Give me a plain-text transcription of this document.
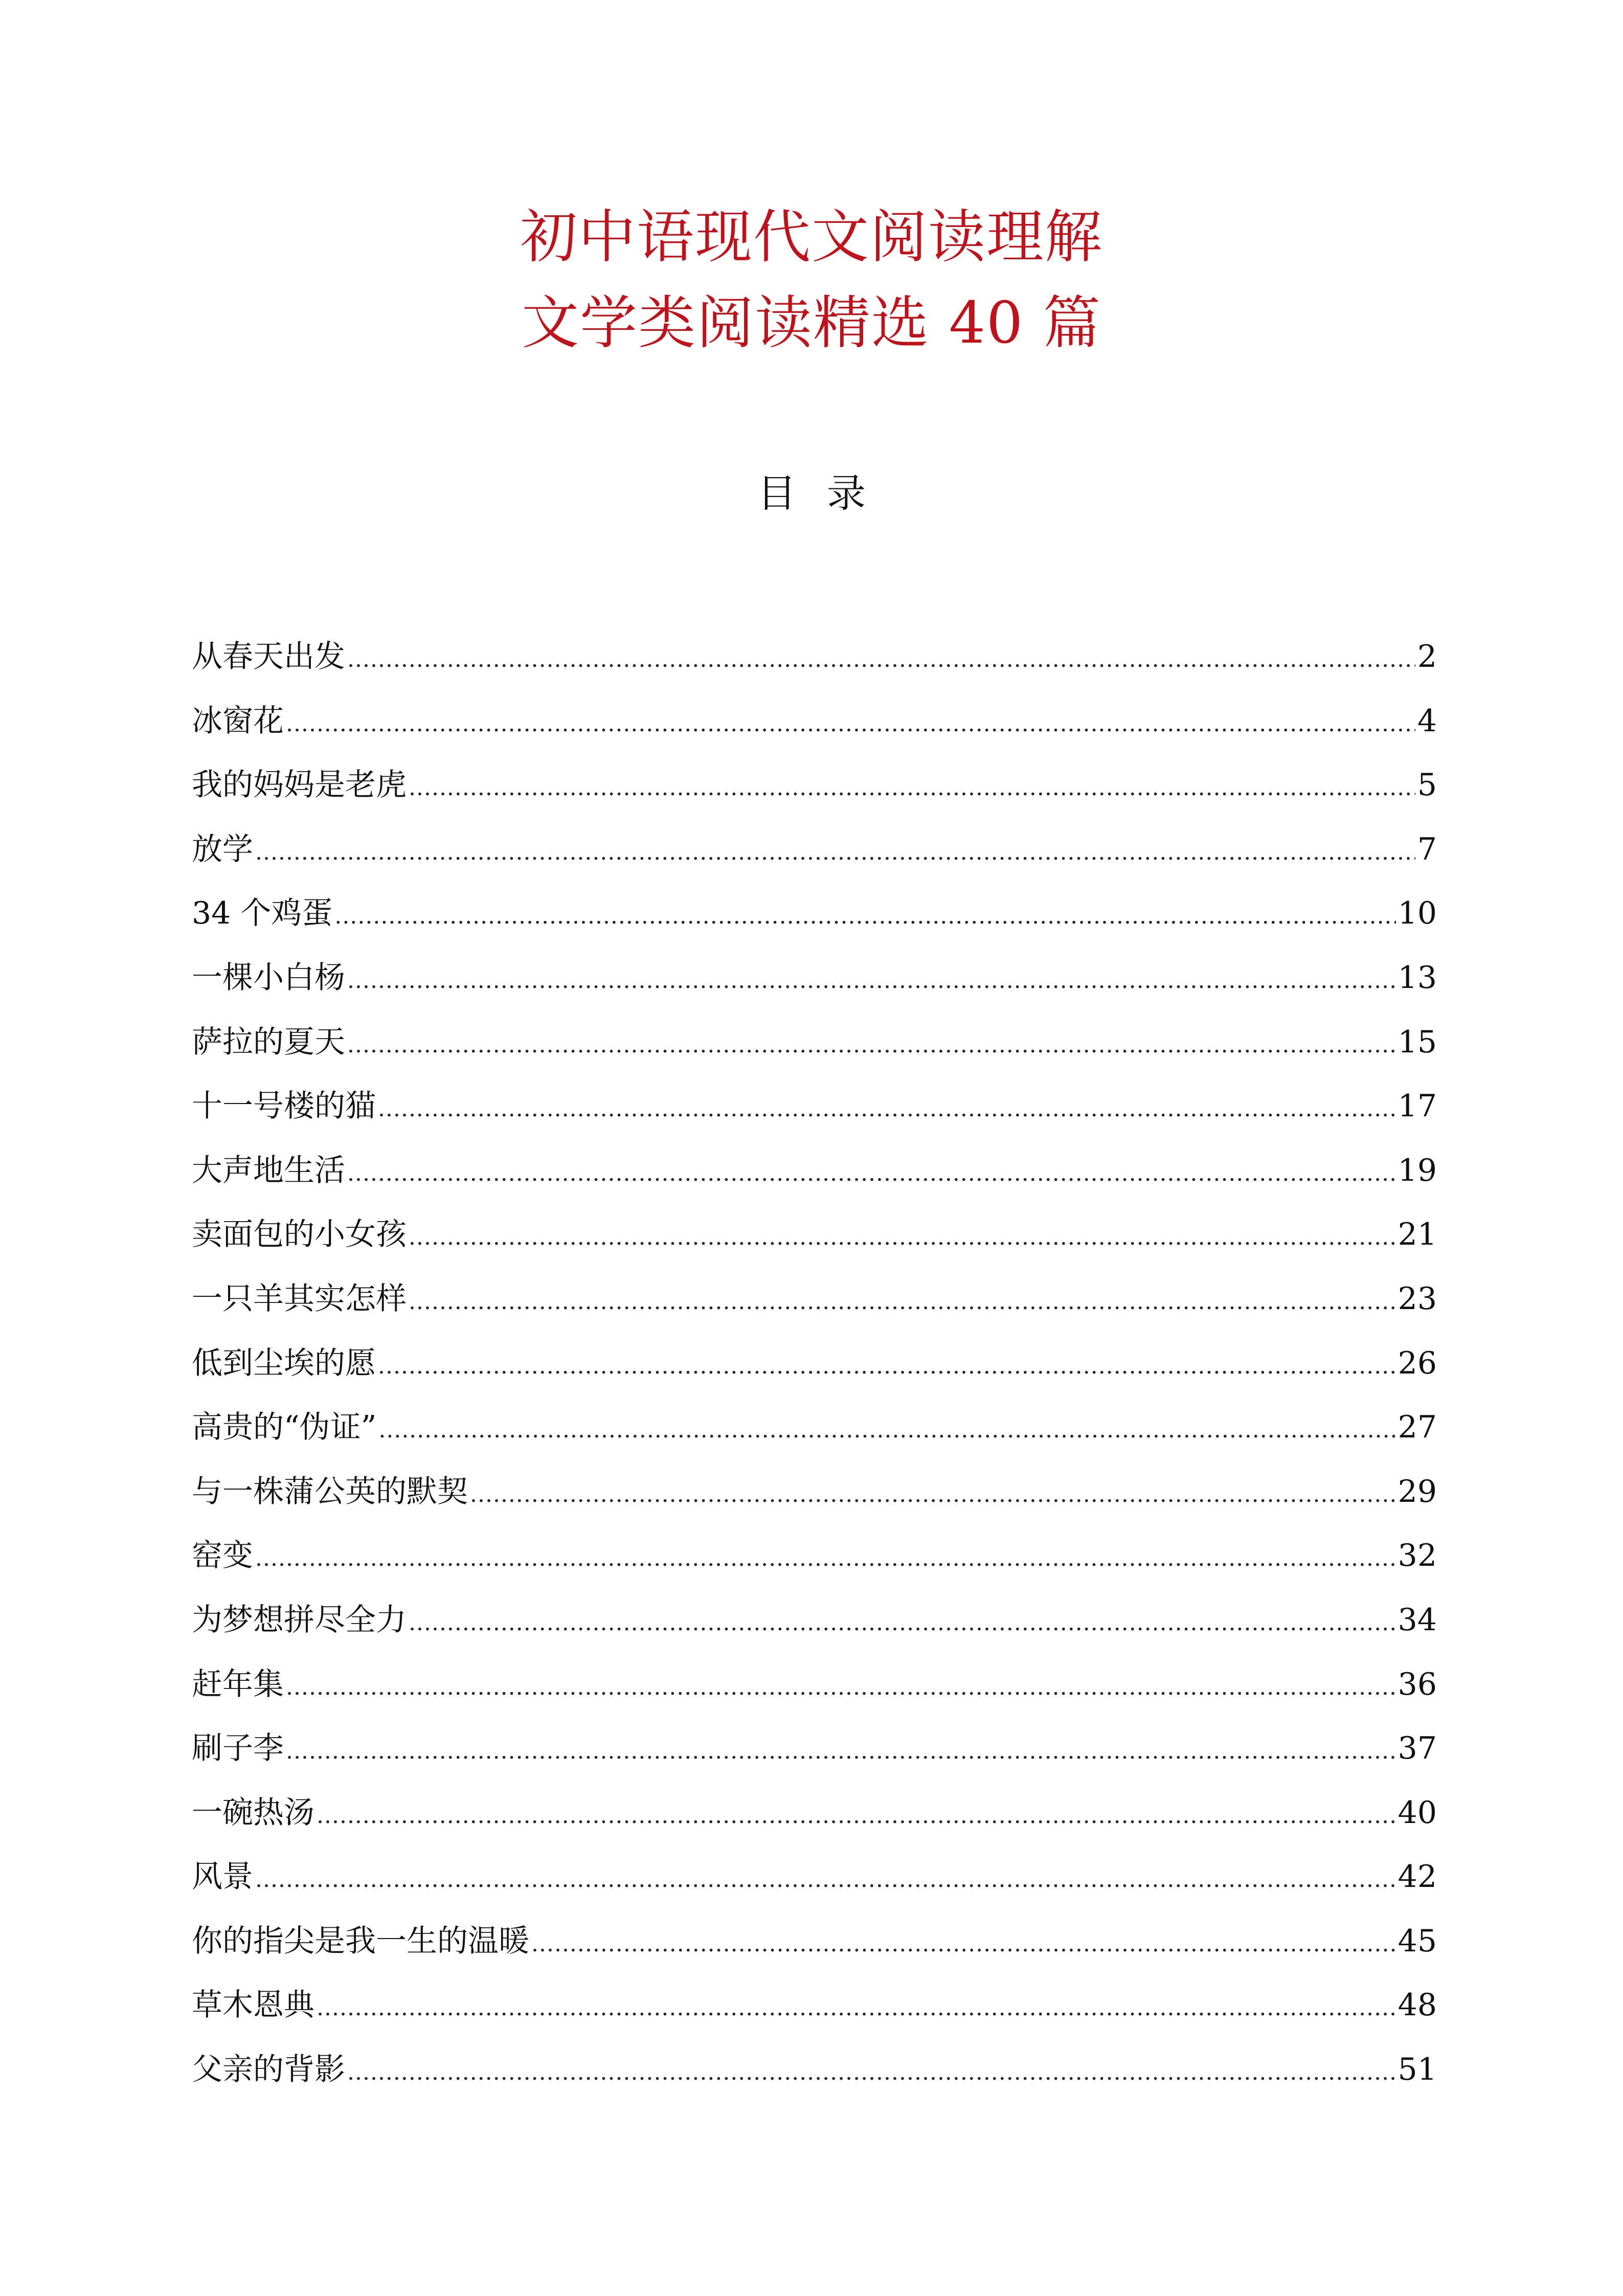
初中语现代文阅读理解
文学类阅读精选 40 篇
目录
从春天出发 .....	2
冰窗花 .....	4
我的妈妈是老虎 .....	5
放学 .....	7
34 个鸡蛋 .....	10
一棵小白杨 .....	13
萨拉的夏天 .....	15
十一号楼的猫 .....	17
大声地生活 .....	19
卖面包的小女孩 .....	21
一只羊其实怎样 .....	23
低到尘埃的愿 .....	26
高贵的“伪证” .....	27
与一株蒲公英的默契 .....	29
窑变 .....	32
为梦想拼尽全力 .....	34
赶年集 .....	36
刷子李 .....	37
一碗热汤 .....	40
风景 .....	42
你的指尖是我一生的温暖 .....	45
草木恩典 .....	48
父亲的背影 .....	51
